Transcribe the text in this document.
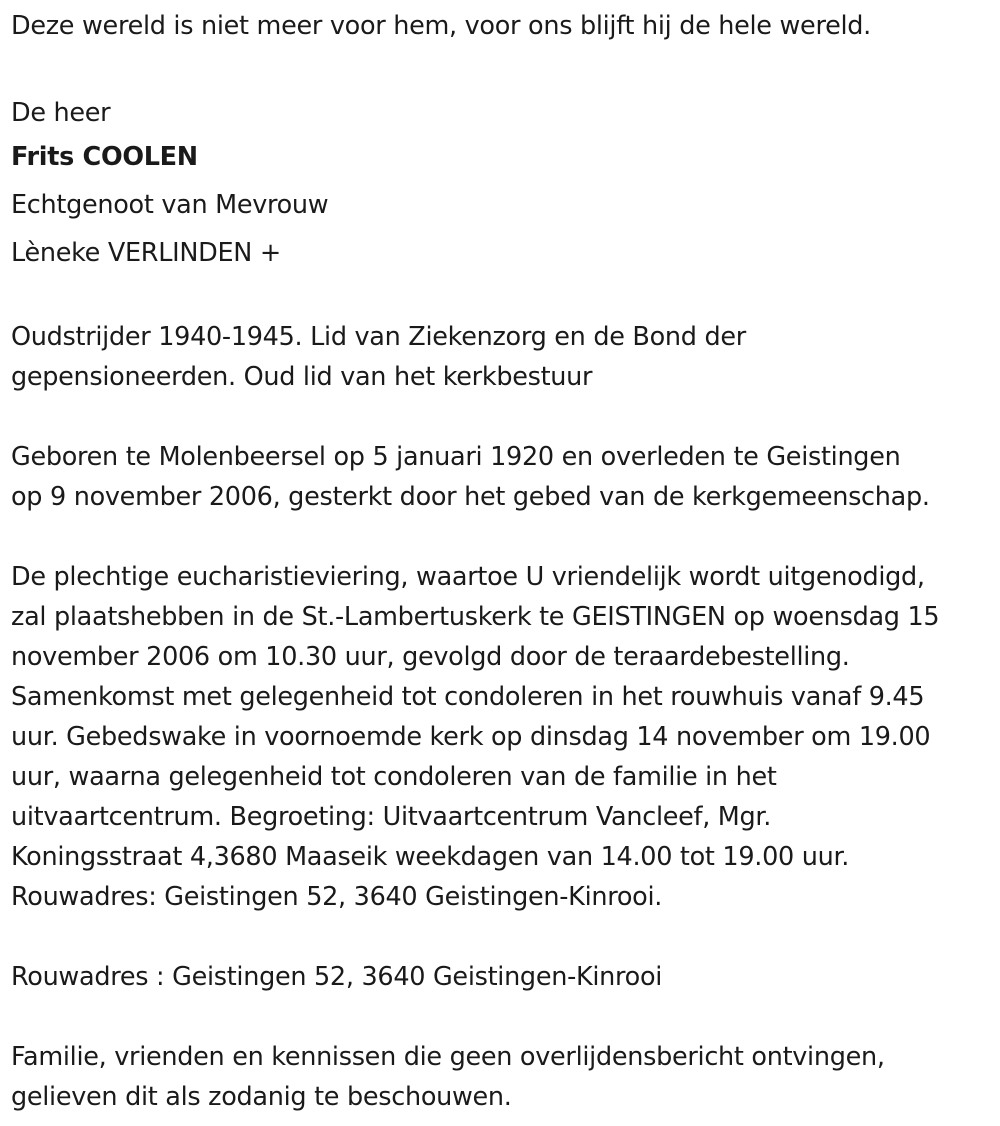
Deze wereld is niet meer voor hem, voor ons blijft hij de hele wereld.

De heer

Frits COOLEN

Echtgenoot van Mevrouw

Lèneke VERLINDEN +

Oudstrijder 1940-1945. Lid van Ziekenzorg en de Bond der

gepensioneerden. Oud lid van het kerkbestuur

Geboren te Molenbeersel op 5 januari 1920 en overleden te Geistingen

op 9 november 2006, gesterkt door het gebed van de kerkgemeenschap.

De plechtige eucharistieviering, waartoe U vriendelijk wordt uitgenodigd,

zal plaatshebben in de St.-Lambertuskerk te GEISTINGEN op woensdag 15

november 2006 om 10.30 uur, gevolgd door de teraardebestelling.

Samenkomst met gelegenheid tot condoleren in het rouwhuis vanaf 9.45

uur. Gebedswake in voornoemde kerk op dinsdag 14 november om 19.00

uur, waarna gelegenheid tot condoleren van de familie in het

uitvaartcentrum. Begroeting: Uitvaartcentrum Vancleef, Mgr.

Koningsstraat 4,3680 Maaseik weekdagen van 14.00 tot 19.00 uur.

Rouwadres: Geistingen 52, 3640 Geistingen-Kinrooi.

Rouwadres : Geistingen 52, 3640 Geistingen-Kinrooi

Familie, vrienden en kennissen die geen overlijdensbericht ontvingen,

gelieven dit als zodanig te beschouwen.
